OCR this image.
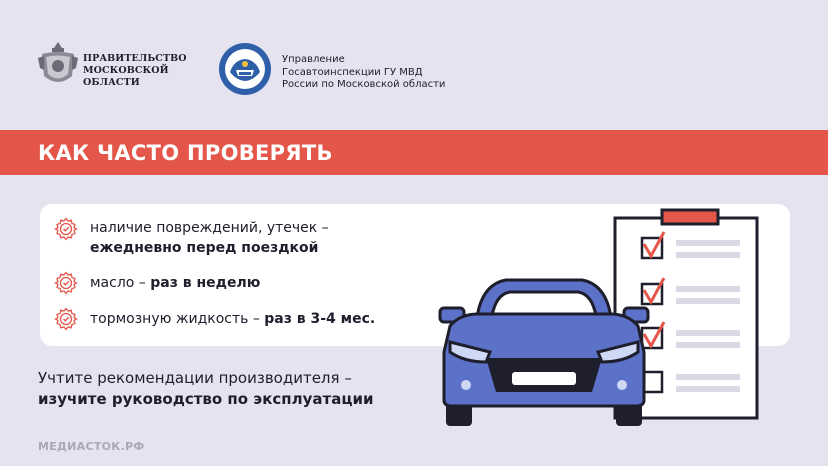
ПРАВИТЕЛЬСТВО
МОСКОВСКОЙ
ОБЛАСТИ
Управление
Госавтоинспекции ГУ МВД
России по Московской области
КАК ЧАСТО ПРОВЕРЯТЬ
наличие повреждений, утечек –
ежедневно перед поездкой
масло – раз в неделю
тормозную жидкость – раз в 3-4 мес.
Учтите рекомендации производителя –
изучите руководство по эксплуатации
МЕДИАСТОК.РФ
